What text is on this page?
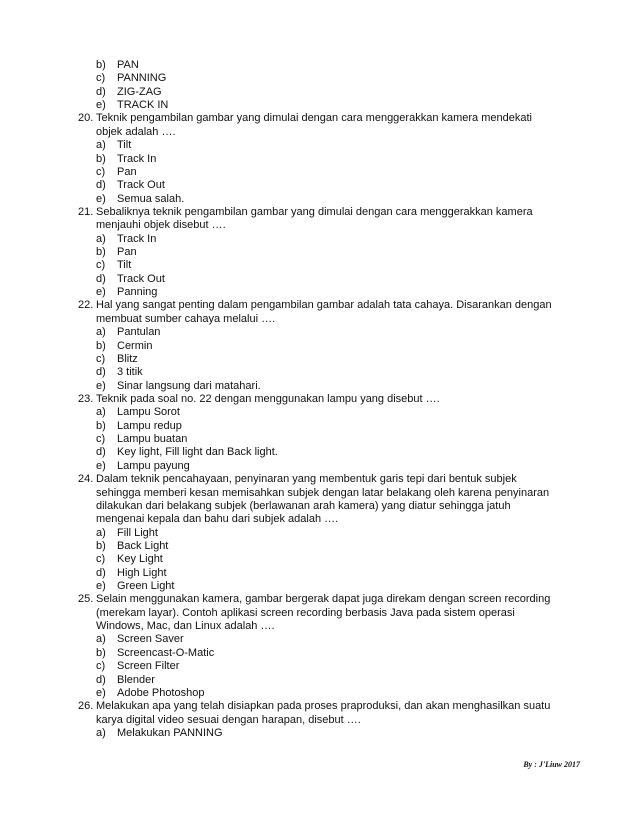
b) PAN
c) PANNING
d) ZIG-ZAG
e) TRACK IN
20. Teknik pengambilan gambar yang dimulai dengan cara menggerakkan kamera mendekati
objek adalah ….
a) Tilt
b) Track In
c) Pan
d) Track Out
e) Semua salah.
21. Sebaliknya teknik pengambilan gambar yang dimulai dengan cara menggerakkan kamera
menjauhi objek disebut ….
a) Track In
b) Pan
c) Tilt
d) Track Out
e) Panning
22. Hal yang sangat penting dalam pengambilan gambar adalah tata cahaya. Disarankan dengan
membuat sumber cahaya melalui ….
a) Pantulan
b) Cermin
c) Blitz
d) 3 titik
e) Sinar langsung dari matahari.
23. Teknik pada soal no. 22 dengan menggunakan lampu yang disebut ….
a) Lampu Sorot
b) Lampu redup
c) Lampu buatan
d) Key light, Fill light dan Back light.
e) Lampu payung
24. Dalam teknik pencahayaan, penyinaran yang membentuk garis tepi dari bentuk subjek
sehingga memberi kesan memisahkan subjek dengan latar belakang oleh karena penyinaran
dilakukan dari belakang subjek (berlawanan arah kamera) yang diatur sehingga jatuh
mengenai kepala dan bahu dari subjek adalah ….
a) Fill Light
b) Back Light
c) Key Light
d) High Light
e) Green Light
25. Selain menggunakan kamera, gambar bergerak dapat juga direkam dengan screen recording
(merekam layar). Contoh aplikasi screen recording berbasis Java pada sistem operasi
Windows, Mac, dan Linux adalah ….
a) Screen Saver
b) Screencast-O-Matic
c) Screen Filter
d) Blender
e) Adobe Photoshop
26. Melakukan apa yang telah disiapkan pada proses praproduksi, dan akan menghasilkan suatu
karya digital video sesuai dengan harapan, disebut ….
a) Melakukan PANNING
By : J'Liuw 2017
